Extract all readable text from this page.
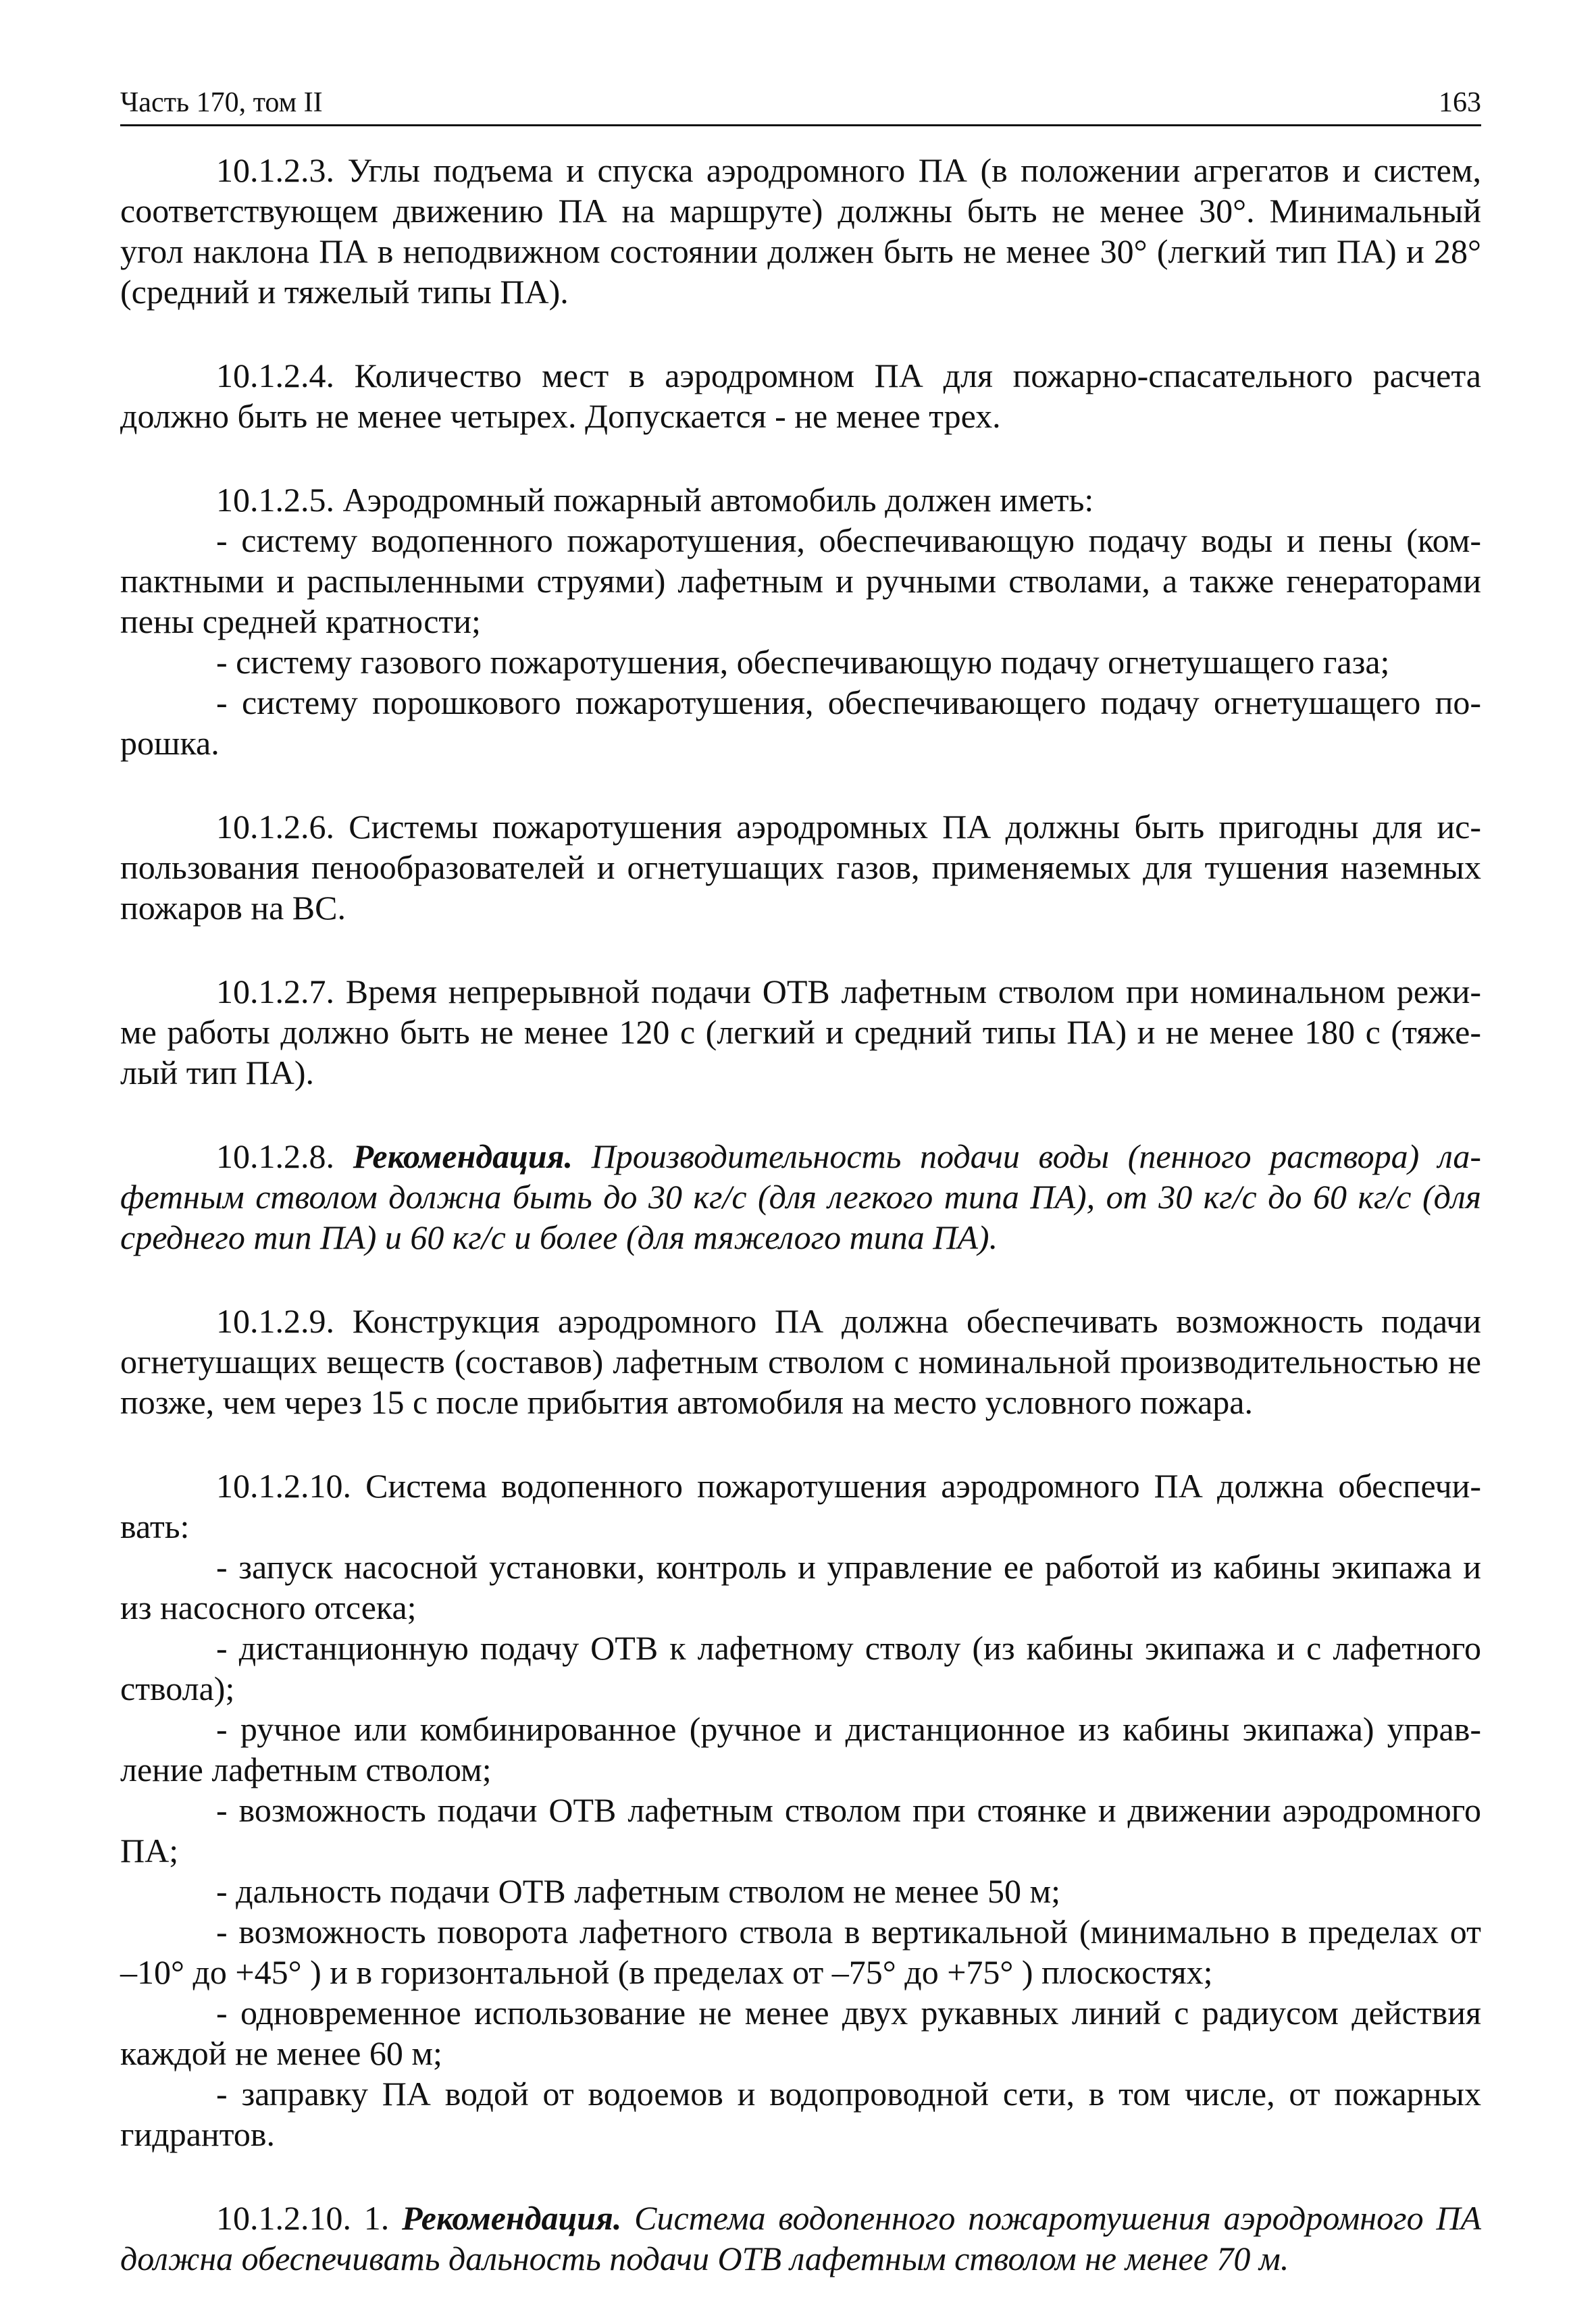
Часть 170, том II	163
10.1.2.3. Углы подъема и спуска аэродромного ПА (в положении агрегатов и систем,
соответствующем движению ПА на маршруте) должны быть не менее 30°. Минимальный
угол наклона ПА в неподвижном состоянии должен быть не менее 30° (легкий тип ПА) и 28°
(средний и тяжелый типы ПА).
10.1.2.4. Количество мест в аэродромном ПА для пожарно-спасательного расчета
должно быть не менее четырех. Допускается - не менее трех.
10.1.2.5. Аэродромный пожарный автомобиль должен иметь:
- систему водопенного пожаротушения, обеспечивающую подачу воды и пены (ком-
пактными и распыленными струями) лафетным и ручными стволами, а также генераторами
пены средней кратности;
- систему газового пожаротушения, обеспечивающую подачу огнетушащего газа;
- систему порошкового пожаротушения, обеспечивающего подачу огнетушащего по-
рошка.
10.1.2.6. Системы пожаротушения аэродромных ПА должны быть пригодны для ис-
пользования пенообразователей и огнетушащих газов, применяемых для тушения наземных
пожаров на ВС.
10.1.2.7. Время непрерывной подачи ОТВ лафетным стволом при номинальном режи-
ме работы должно быть не менее 120 с (легкий и средний типы ПА) и не менее 180 с (тяже-
лый тип ПА).
10.1.2.8. Рекомендация. Производительность подачи воды (пенного раствора) ла-
фетным стволом должна быть до 30 кг/с (для легкого типа ПА), от 30 кг/с до 60 кг/с (для
среднего тип ПА) и 60 кг/с и более (для тяжелого типа ПА).
10.1.2.9. Конструкция аэродромного ПА должна обеспечивать возможность подачи
огнетушащих веществ (составов) лафетным стволом с номинальной производительностью не
позже, чем через 15 с после прибытия автомобиля на место условного пожара.
10.1.2.10. Система водопенного пожаротушения аэродромного ПА должна обеспечи-
вать:
- запуск насосной установки, контроль и управление ее работой из кабины экипажа и
из насосного отсека;
- дистанционную подачу ОТВ к лафетному стволу (из кабины экипажа и с лафетного
ствола);
- ручное или комбинированное (ручное и дистанционное из кабины экипажа) управ-
ление лафетным стволом;
- возможность подачи ОТВ лафетным стволом при стоянке и движении аэродромного
ПА;
- дальность подачи ОТВ лафетным стволом не менее 50 м;
- возможность поворота лафетного ствола в вертикальной (минимально в пределах от
–10° до +45° ) и в горизонтальной (в пределах от –75° до +75° ) плоскостях;
- одновременное использование не менее двух рукавных линий с радиусом действия
каждой не менее 60 м;
- заправку ПА водой от водоемов и водопроводной сети, в том числе, от пожарных
гидрантов.
10.1.2.10. 1. Рекомендация. Система водопенного пожаротушения аэродромного ПА
должна обеспечивать дальность подачи ОТВ лафетным стволом не менее 70 м.
